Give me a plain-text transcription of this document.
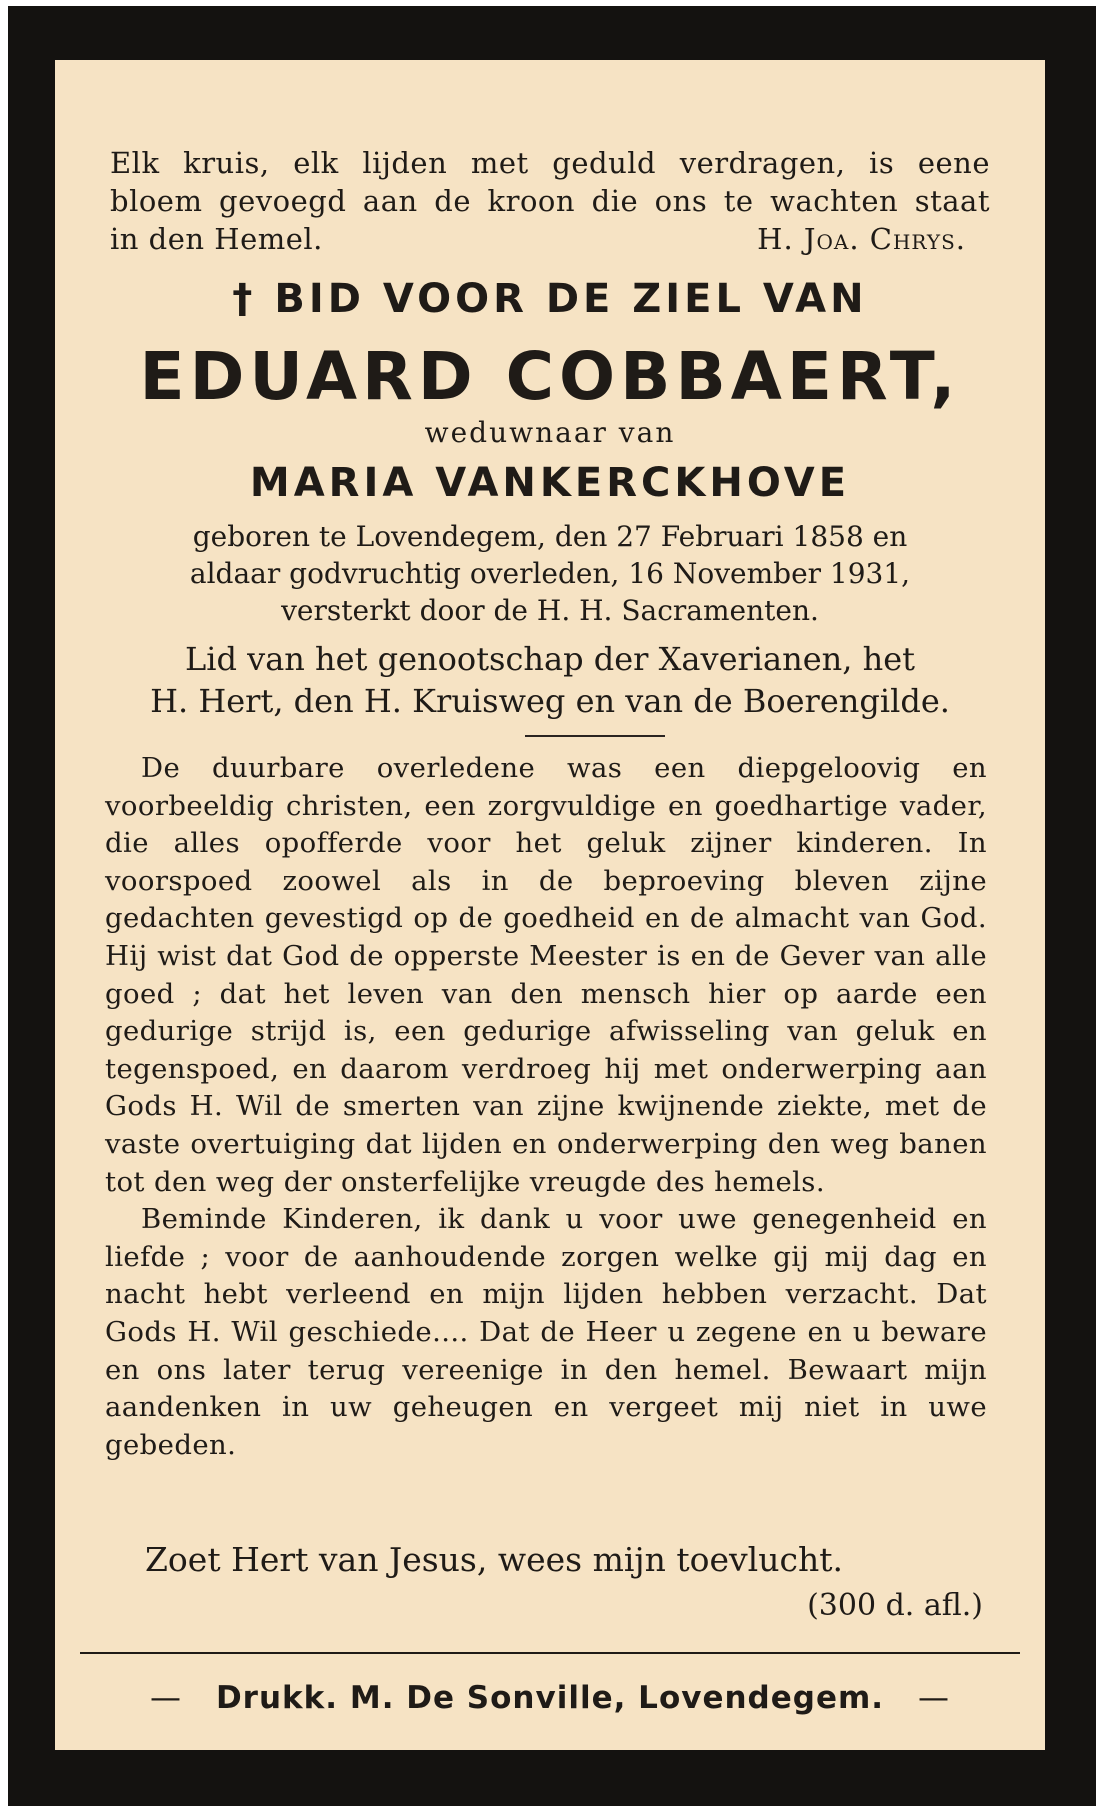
Elk kruis, elk lijden met geduld verdragen, is eene

bloem gevoegd aan de kroon die ons te wachten staat

in den Hemel.	H. Joa. Chrys.
† BID VOOR DE ZIEL VAN
EDUARD COBBAERT,
weduwnaar van
MARIA VANKERCKHOVE
geboren te Lovendegem, den 27 Februari 1858 en
aldaar godvruchtig overleden, 16 November 1931,
versterkt door de H. H. Sacramenten.
Lid van het genootschap der Xaverianen, het
H. Hert, den H. Kruisweg en van de Boerengilde.

De duurbare overledene was een diepgeloovig en voorbeeldig christen, een zorgvuldige en goedhartige vader, die alles opofferde voor het geluk zijner kinderen. In voorspoed zoowel als in de beproeving bleven zijne gedachten gevestigd op de goedheid en de almacht van God. Hij wist dat God de opperste Meester is en de Gever van alle goed ; dat het leven van den mensch hier op aarde een gedurige strijd is, een gedurige afwisseling van geluk en tegenspoed, en daarom verdroeg hij met onderwerping aan Gods H. Wil de smerten van zijne kwijnende ziekte, met de vaste overtuiging dat lijden en onderwerping den weg banen tot den weg der onsterfelijke vreugde des hemels.

Beminde Kinderen, ik dank u voor uwe genegenheid en liefde ; voor de aanhoudende zorgen welke gij mij dag en nacht hebt verleend en mijn lijden hebben verzacht. Dat Gods H. Wil geschiede.... Dat de Heer u zegene en u beware en ons later terug vereenige in den hemel. Bewaart mijn aandenken in uw geheugen en vergeet mij niet in uwe gebeden.

Zoet Hert van Jesus, wees mijn toevlucht.
(300 d. afl.)
— Drukk. M. De Sonville, Lovendegem. —
